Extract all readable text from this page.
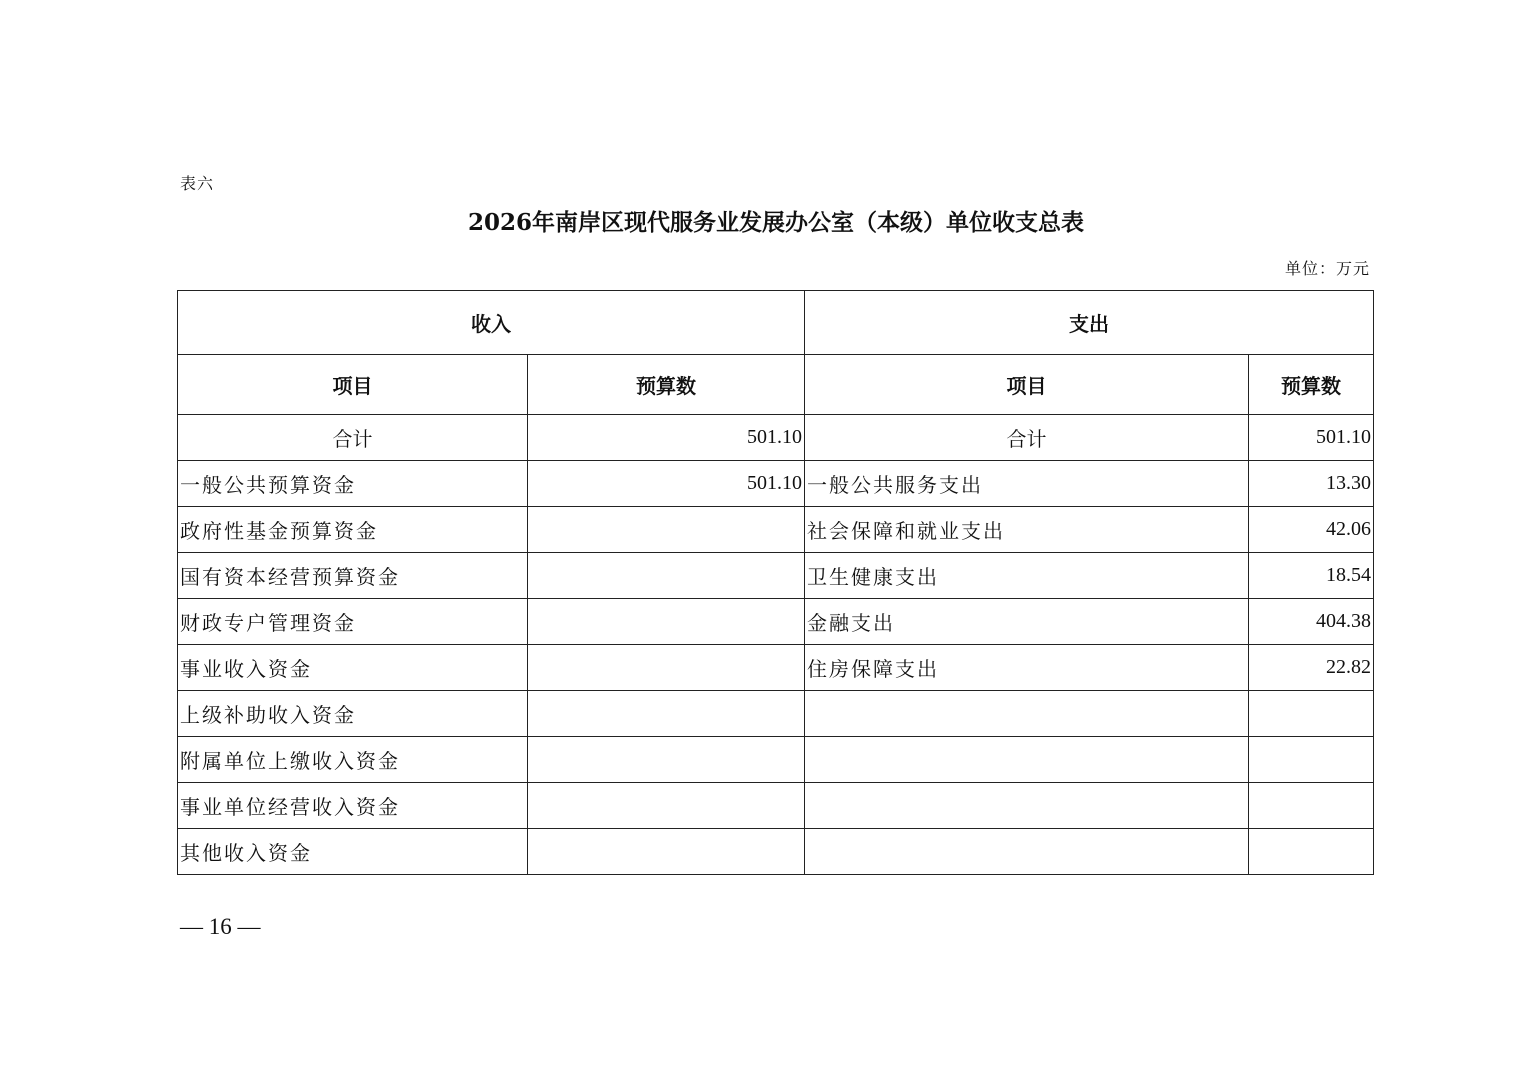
表六
2026年南岸区现代服务业发展办公室（本级）单位收支总表
单位：万元
收入		支出	
项目	预算数	项目	预算数
合计	501.10	合计	501.10
一般公共预算资金	501.10	一般公共服务支出	13.30
政府性基金预算资金		社会保障和就业支出	42.06
国有资本经营预算资金		卫生健康支出	18.54
财政专户管理资金		金融支出	404.38
事业收入资金		住房保障支出	22.82
上级补助收入资金			
附属单位上缴收入资金			
事业单位经营收入资金			
其他收入资金			
— 16 —
